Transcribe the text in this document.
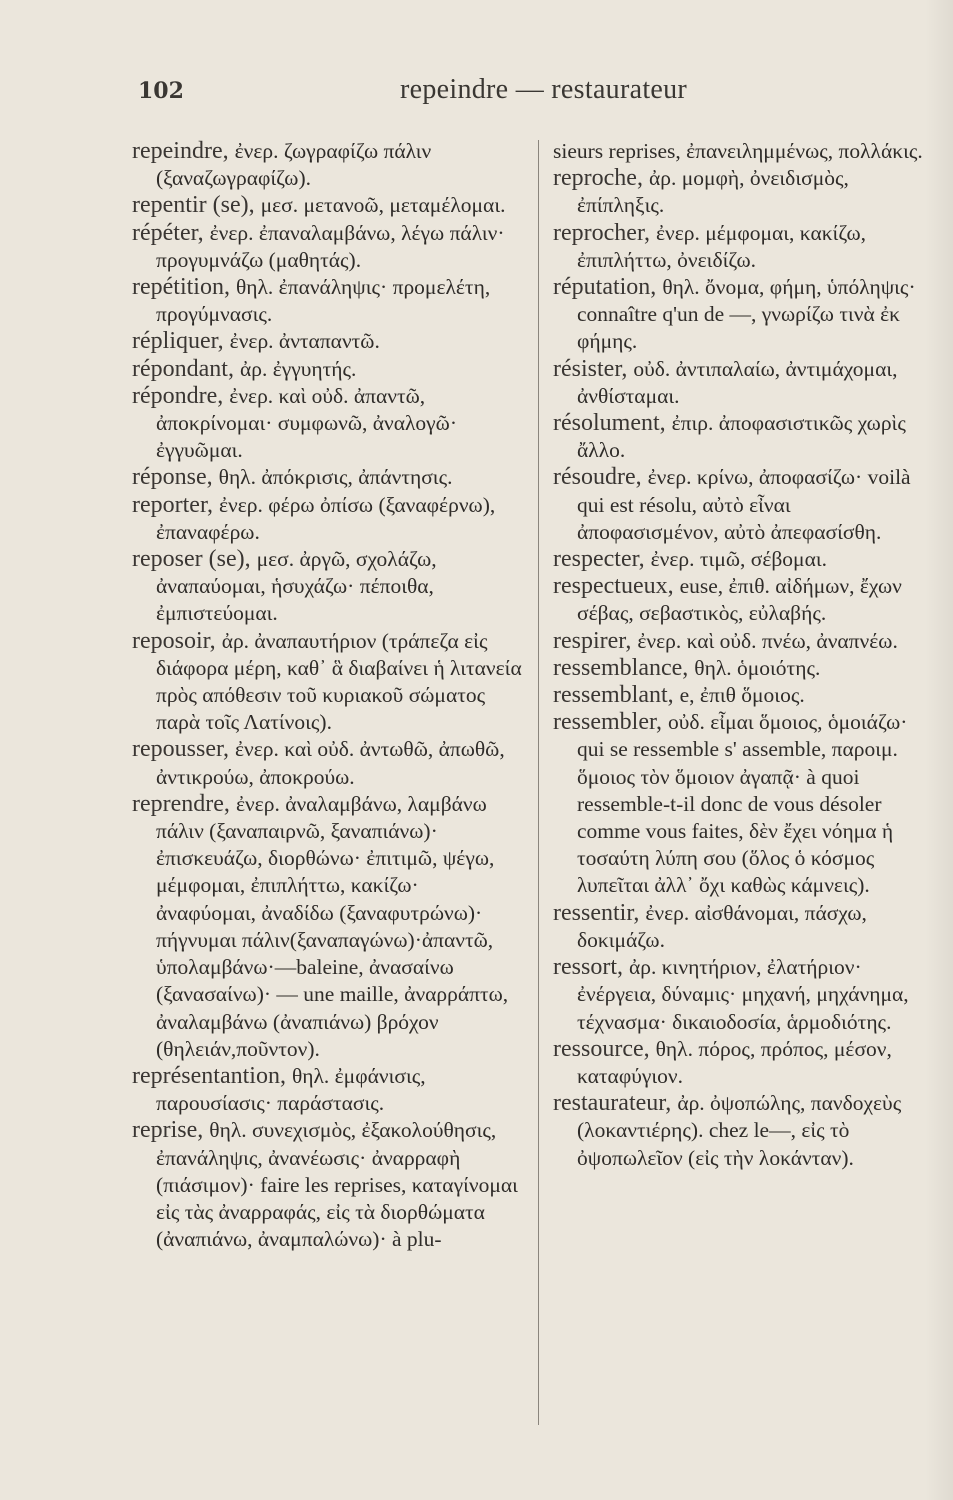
102	repeindre — restaurateur

repeindre, ἐνερ. ζωγραφίζω πάλιν (ξαναζωγραφίζω).

repentir (se), μεσ. μετανοῶ, μεταμέλομαι.

répéter, ἐνερ. ἐπαναλαμβάνω, λέγω πάλιν· προγυμνάζω (μαθητάς).

repétition, θηλ. ἐπανάληψις· προμελέτη, προγύμνασις.

répliquer, ἐνερ. ἀνταπαντῶ.

répondant, ἀρ. ἐγγυητής.

répondre, ἐνερ. καὶ οὐδ. ἀπαντῶ, ἀποκρίνομαι· συμφωνῶ, ἀναλογῶ· ἐγγυῶμαι.

réponse, θηλ. ἀπόκρισις, ἀπάντησις.

reporter, ἐνερ. φέρω ὀπίσω (ξαναφέρνω), ἐπαναφέρω.

reposer (se), μεσ. ἀργῶ, σχολάζω, ἀναπαύομαι, ἡσυχάζω· πέποιθα, ἐμπιστεύομαι.

reposoir, ἀρ. ἀναπαυτήριον (τράπεζα εἰς διάφορα μέρη, καθ᾽ ἃ διαβαίνει ἡ λιτανεία πρὸς απόθεσιν τοῦ κυριακοῦ σώματος παρὰ τοῖς Λατίνοις).

repousser, ἐνερ. καὶ οὐδ. ἀντωθῶ, ἀπωθῶ, ἀντικρούω, ἀποκρούω.

reprendre, ἐνερ. ἀναλαμβάνω, λαμβάνω πάλιν (ξαναπαιρνῶ, ξαναπιάνω)· ἐπισκευάζω, διορθώνω· ἐπιτιμῶ, ψέγω, μέμφομαι, ἐπιπλήττω, κακίζω· ἀναφύομαι, ἀναδίδω (ξαναφυτρώνω)· πήγνυμαι πάλιν(ξαναπαγώνω)·ἀπαντῶ, ὑπολαμβάνω·—baleine, ἀνασαίνω (ξανασαίνω)· — une maille, ἀναρράπτω, ἀναλαμβάνω (ἀναπιάνω) βρόχον (θηλειάν,ποῦντον).

représentantion, θηλ. ἐμφάνισις, παρουσίασις· παράστασις.

reprise, θηλ. συνεχισμὸς, ἐξακολούθησις, ἐπανάληψις, ἀνανέωσις· ἀναρραφὴ (πιάσιμον)· faire les reprises, καταγίνομαι εἰς τὰς ἀναρραφάς, εἰς τὰ διορθώματα (ἀναπιάνω, ἀναμπαλώνω)· à plu-

sieurs reprises, ἐπανειλημμένως, πολλάκις.

reproche, ἀρ. μομφὴ, ὀνειδισμὸς, ἐπίπληξις.

reprocher, ἐνερ. μέμφομαι, κακίζω, ἐπιπλήττω, ὀνειδίζω.

réputation, θηλ. ὄνομα, φήμη, ὑπόληψις· connaître q'un de —, γνωρίζω τινὰ ἐκ φήμης.

résister, οὐδ. ἀντιπαλαίω, ἀντιμάχομαι, ἀνθίσταμαι.

résolument, ἐπιρ. ἀποφασιστικῶς χωρὶς ἄλλο.

résoudre, ἐνερ. κρίνω, ἀποφασίζω· voilà qui est résolu, αὐτὸ εἶναι ἀποφασισμένον, αὐτὸ ἀπεφασίσθη.

respecter, ἐνερ. τιμῶ, σέβομαι.

respectueux, euse, ἐπιθ. αἰδήμων, ἔχων σέβας, σεβαστικὸς, εὐλαβής.

respirer, ἐνερ. καὶ οὐδ. πνέω, ἀναπνέω.

ressemblance, θηλ. ὁμοιότης.

ressemblant, e, ἐπιθ ὅμοιος.

ressembler, οὐδ. εἶμαι ὅμοιος, ὁμοιάζω· qui se ressemble s' assemble, παροιμ. ὅμοιος τὸν ὅμοιον ἀγαπᾷ· à quoi ressemble-t-il donc de vous désoler comme vous faites, δὲν ἔχει νόημα ἡ τοσαύτη λύπη σου (ὅλος ὁ κόσμος λυπεῖται ἀλλ᾽ ὄχι καθὼς κάμνεις).

ressentir, ἐνερ. αἰσθάνομαι, πάσχω, δοκιμάζω.

ressort, ἀρ. κινητήριον, ἐλατήριον· ἐνέργεια, δύναμις· μηχανή, μηχάνημα, τέχνασμα· δικαιοδοσία, ἁρμοδιότης.

ressource, θηλ. πόρος, πρόπος, μέσον, καταφύγιον.

restaurateur, ἀρ. ὀψοπώλης, πανδοχεὺς (λοκαντιέρης). chez le—, εἰς τὸ ὀψοπωλεῖον (εἰς τὴν λοκάνταν).
